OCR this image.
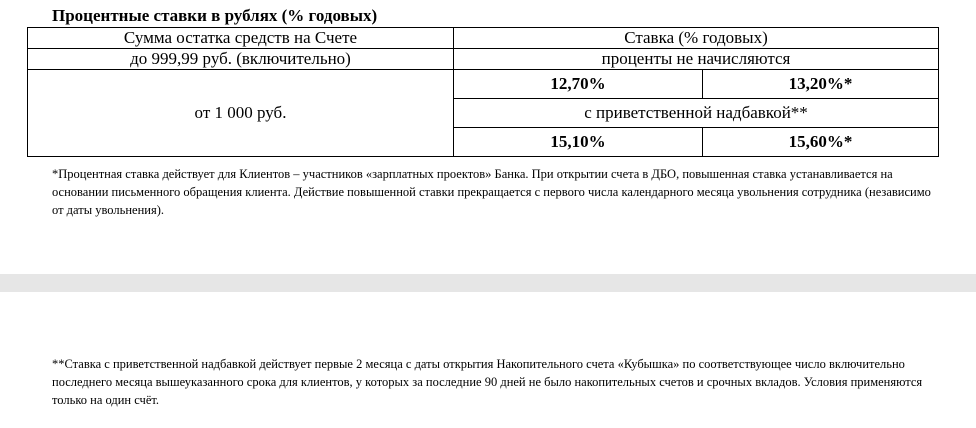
Процентные ставки в рублях (% годовых)
Сумма остатка средств на Счете	Ставка (% годовых)	
до 999,99 руб. (включительно)	проценты не начисляются	
от 1 000 руб.	12,70%	13,20%*
	с приветственной надбавкой**	
	15,10%	15,60%*

*Процентная ставка действует для Клиентов – участников «зарплатных проектов» Банка. При открытии счета в ДБО, повышенная ставка устанавливается на основании письменного обращения клиента. Действие повышенной ставки прекращается с первого числа календарного месяца увольнения сотрудника (независимо от даты увольнения).

**Ставка с приветственной надбавкой действует первые 2 месяца с даты открытия Накопительного счета «Кубышка» по соответствующее число включительно последнего месяца вышеуказанного срока для клиентов, у которых за последние 90 дней не было накопительных счетов и срочных вкладов. Условия применяются только на один счёт.
